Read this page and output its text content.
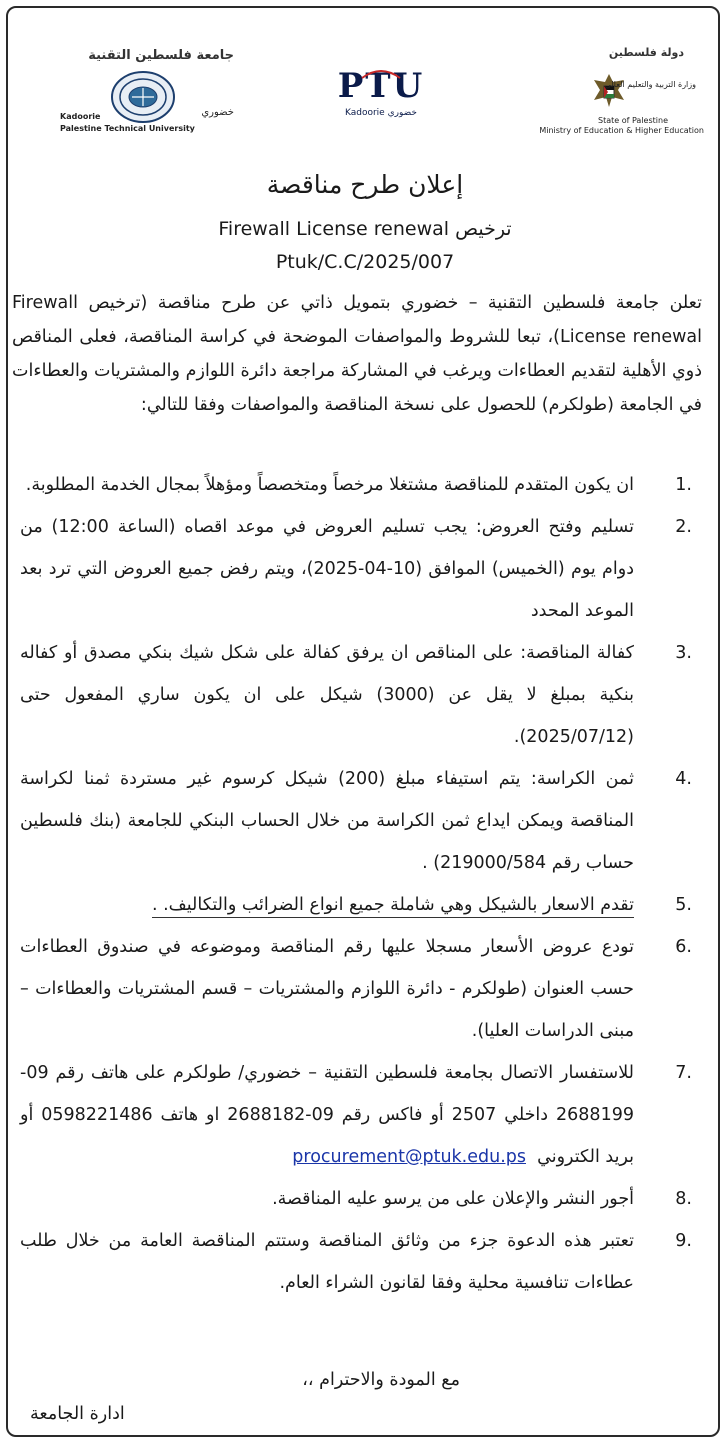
دولة فلسطين
وزارة التربية والتعليم العالي
State of Palestine
Ministry of Education & Higher Education
PTU
Kadoorie خضوري
جامعة فلسطين التقنية
Kadoorie	خضوري
Palestine Technical University
إعلان طرح مناقصة
ترخيص Firewall License renewal
Ptuk/C.C/2025/007
تعلن جامعة فلسطين التقنية – خضوري بتمويل ذاتي عن طرح مناقصة (ترخيص Firewall License renewal)، تبعا للشروط والمواصفات الموضحة في كراسة المناقصة، فعلى المناقص ذوي الأهلية لتقديم العطاءات ويرغب في المشاركة مراجعة دائرة اللوازم والمشتريات والعطاءات في الجامعة (طولكرم) للحصول على نسخة المناقصة والمواصفات وفقا للتالي:
1.
ان يكون المتقدم للمناقصة مشتغلا مرخصاً ومتخصصاً ومؤهلاً بمجال الخدمة المطلوبة.
2.
تسليم وفتح العروض: يجب تسليم العروض في موعد اقصاه (الساعة 12:00) من دوام يوم (الخميس) الموافق (10-04-2025)، ويتم رفض جميع العروض التي ترد بعد الموعد المحدد
3.
كفالة المناقصة: على المناقص ان يرفق كفالة على شكل شيك بنكي مصدق أو كفاله بنكية بمبلغ لا يقل عن (3000) شيكل على ان يكون ساري المفعول حتى (2025/07/12).
4.
ثمن الكراسة: يتم استيفاء مبلغ (200) شيكل كرسوم غير مستردة ثمنا لكراسة المناقصة ويمكن ايداع ثمن الكراسة من خلال الحساب البنكي للجامعة (بنك فلسطين حساب رقم 219000/584) .
5.
تقدم الاسعار بالشيكل وهي شاملة جميع انواع الضرائب والتكاليف. .
6.
تودع عروض الأسعار مسجلا عليها رقم المناقصة وموضوعه في صندوق العطاءات حسب العنوان (طولكرم - دائرة اللوازم والمشتريات – قسم المشتريات والعطاءات – مبنى الدراسات العليا).
7.
للاستفسار الاتصال بجامعة فلسطين التقنية – خضوري/ طولكرم على هاتف رقم 09-2688199 داخلي 2507 أو فاكس رقم 09-2688182 او هاتف 0598221486 أو بريد الكتروني  procurement@ptuk.edu.ps
8.
أجور النشر والإعلان على من يرسو عليه المناقصة.
9.
تعتبر هذه الدعوة جزء من وثائق المناقصة وستتم المناقصة العامة من خلال طلب عطاءات تنافسية محلية وفقا لقانون الشراء العام.
مع المودة والاحترام ،،
ادارة الجامعة
